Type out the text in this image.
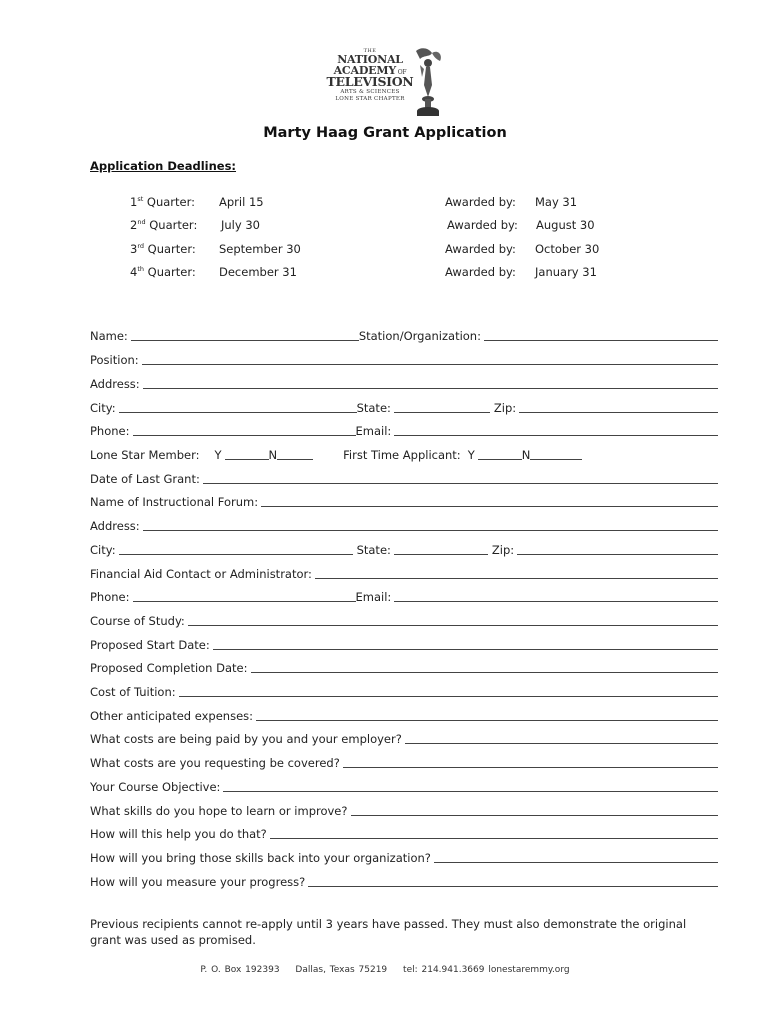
THE
NATIONAL
ACADEMY OF
TELEVISION
ARTS & SCIENCES
LONE STAR CHAPTER
Marty Haag Grant Application
Application Deadlines:
1st Quarter: April 15	Awarded by: May 31
2nd Quarter: July 30	Awarded by: August 30
3rd Quarter: September 30	Awarded by: October 30
4th Quarter: December 31	Awarded by: January 31
Name:	Station/Organization:
Position:
Address:
City:	State:	Zip:
Phone:	Email:
Lone Star Member: Y	N	First Time Applicant: Y	N
Date of Last Grant:
Name of Instructional Forum:
Address:
City:	State:	Zip:
Financial Aid Contact or Administrator:
Phone:	Email:
Course of Study:
Proposed Start Date:
Proposed Completion Date:
Cost of Tuition:
Other anticipated expenses:
What costs are being paid by you and your employer?
What costs are you requesting be covered?
Your Course Objective:
What skills do you hope to learn or improve?
How will this help you do that?
How will you bring those skills back into your organization?
How will you measure your progress?
Previous recipients cannot re-apply until 3 years have passed. They must also demonstrate the original grant was used as promised.
P. O. Box 192393 Dallas, Texas 75219 tel: 214.941.3669 lonestaremmy.org
